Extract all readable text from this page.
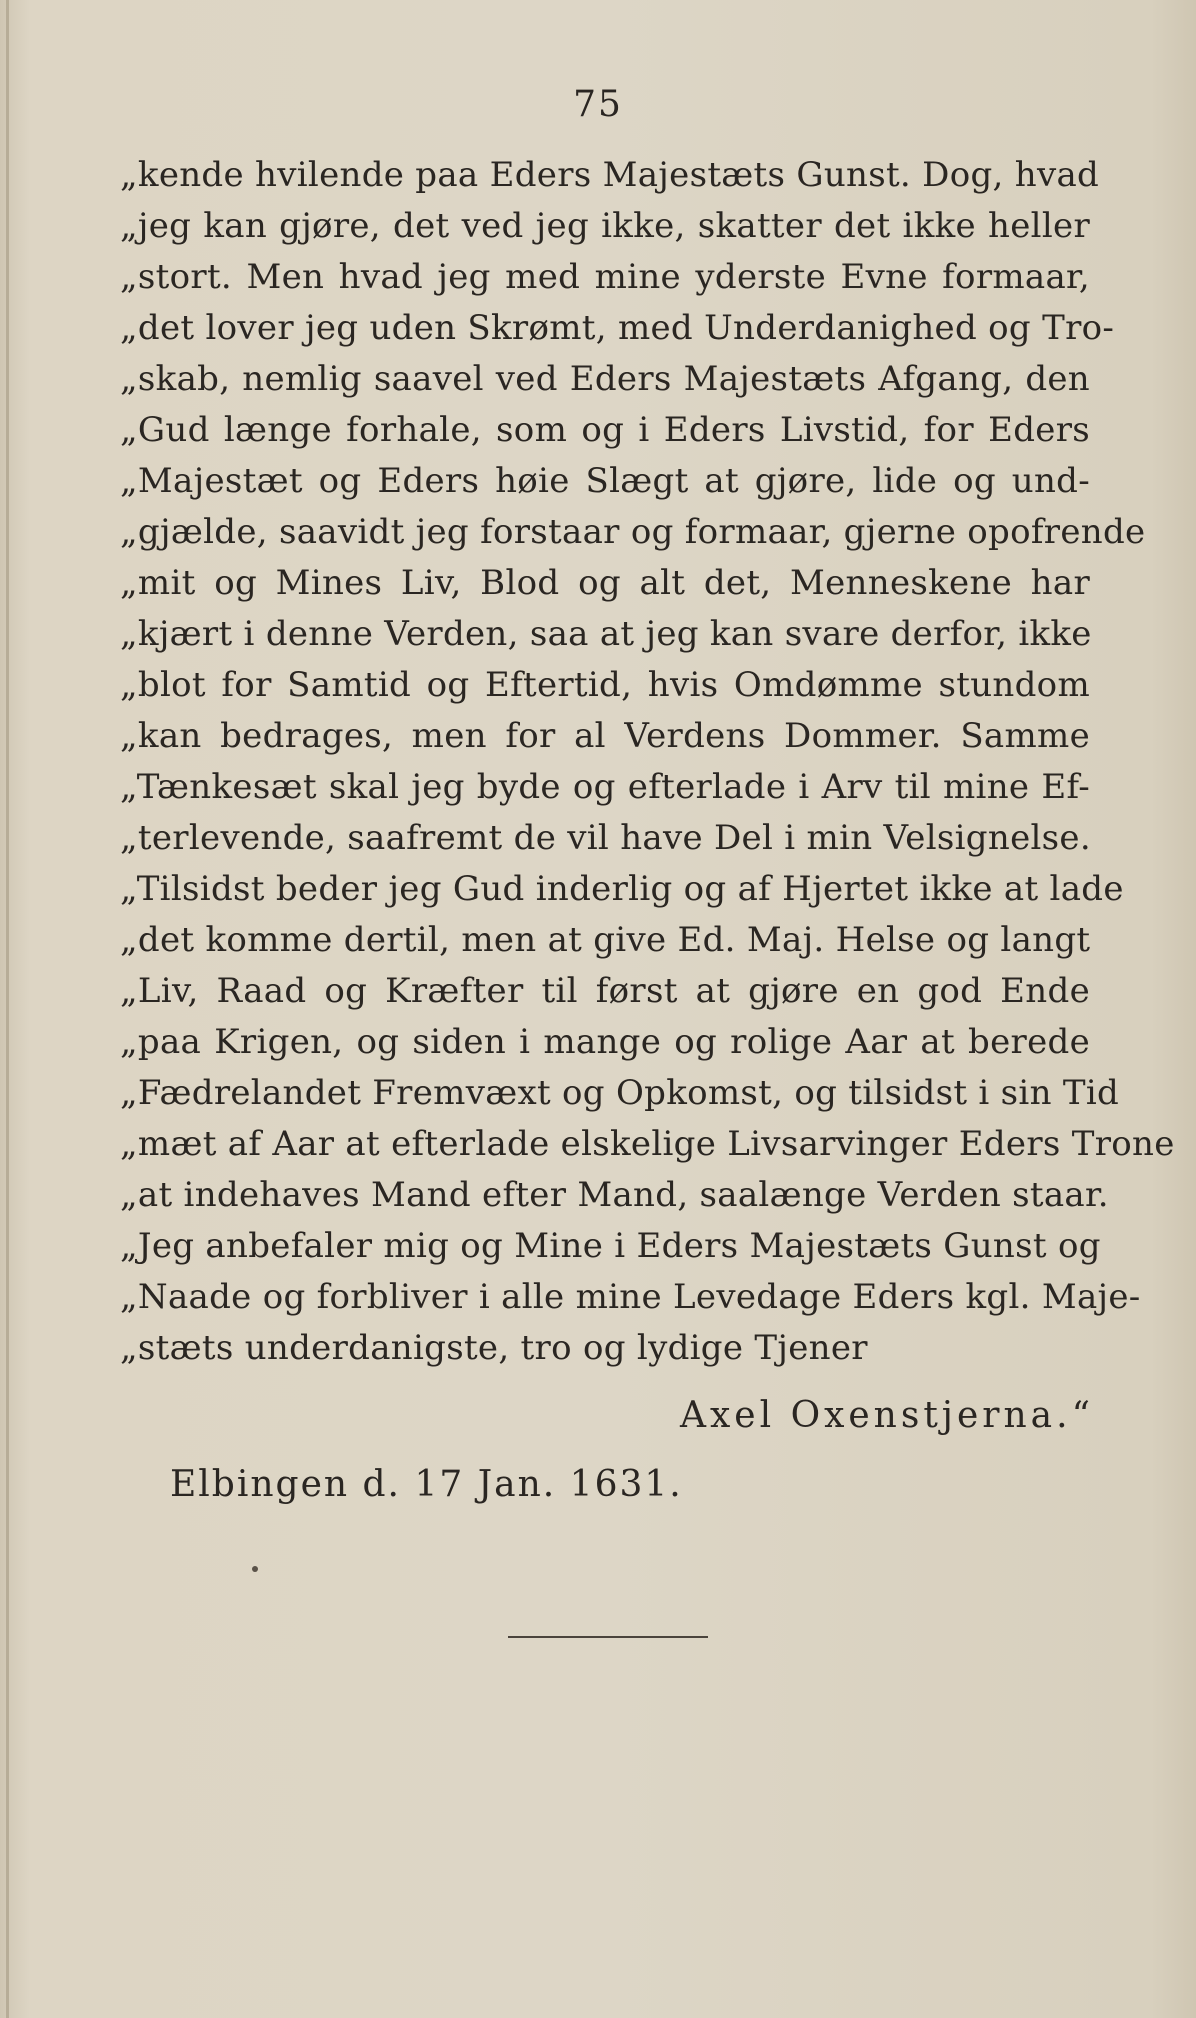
75
„kende hvilende paa Eders Majestæts Gunst. Dog, hvad
„jeg kan gjøre, det ved jeg ikke, skatter det ikke heller
„stort. Men hvad jeg med mine yderste Evne formaar,
„det lover jeg uden Skrømt, med Underdanighed og Tro-
„skab, nemlig saavel ved Eders Majestæts Afgang, den
„Gud længe forhale, som og i Eders Livstid, for Eders
„Majestæt og Eders høie Slægt at gjøre, lide og und-
„gjælde, saavidt jeg forstaar og formaar, gjerne opofrende
„mit og Mines Liv, Blod og alt det, Menneskene har
„kjært i denne Verden, saa at jeg kan svare derfor, ikke
„blot for Samtid og Eftertid, hvis Omdømme stundom
„kan bedrages, men for al Verdens Dommer. Samme
„Tænkesæt skal jeg byde og efterlade i Arv til mine Ef-
„terlevende, saafremt de vil have Del i min Velsignelse.
„Tilsidst beder jeg Gud inderlig og af Hjertet ikke at lade
„det komme dertil, men at give Ed. Maj. Helse og langt
„Liv, Raad og Kræfter til først at gjøre en god Ende
„paa Krigen, og siden i mange og rolige Aar at berede
„Fædrelandet Fremvæxt og Opkomst, og tilsidst i sin Tid
„mæt af Aar at efterlade elskelige Livsarvinger Eders Trone
„at indehaves Mand efter Mand, saalænge Verden staar.
„Jeg anbefaler mig og Mine i Eders Majestæts Gunst og
„Naade og forbliver i alle mine Levedage Eders kgl. Maje-
„stæts underdanigste, tro og lydige Tjener
Axel Oxenstjerna.“
Elbingen d. 17 Jan. 1631.
